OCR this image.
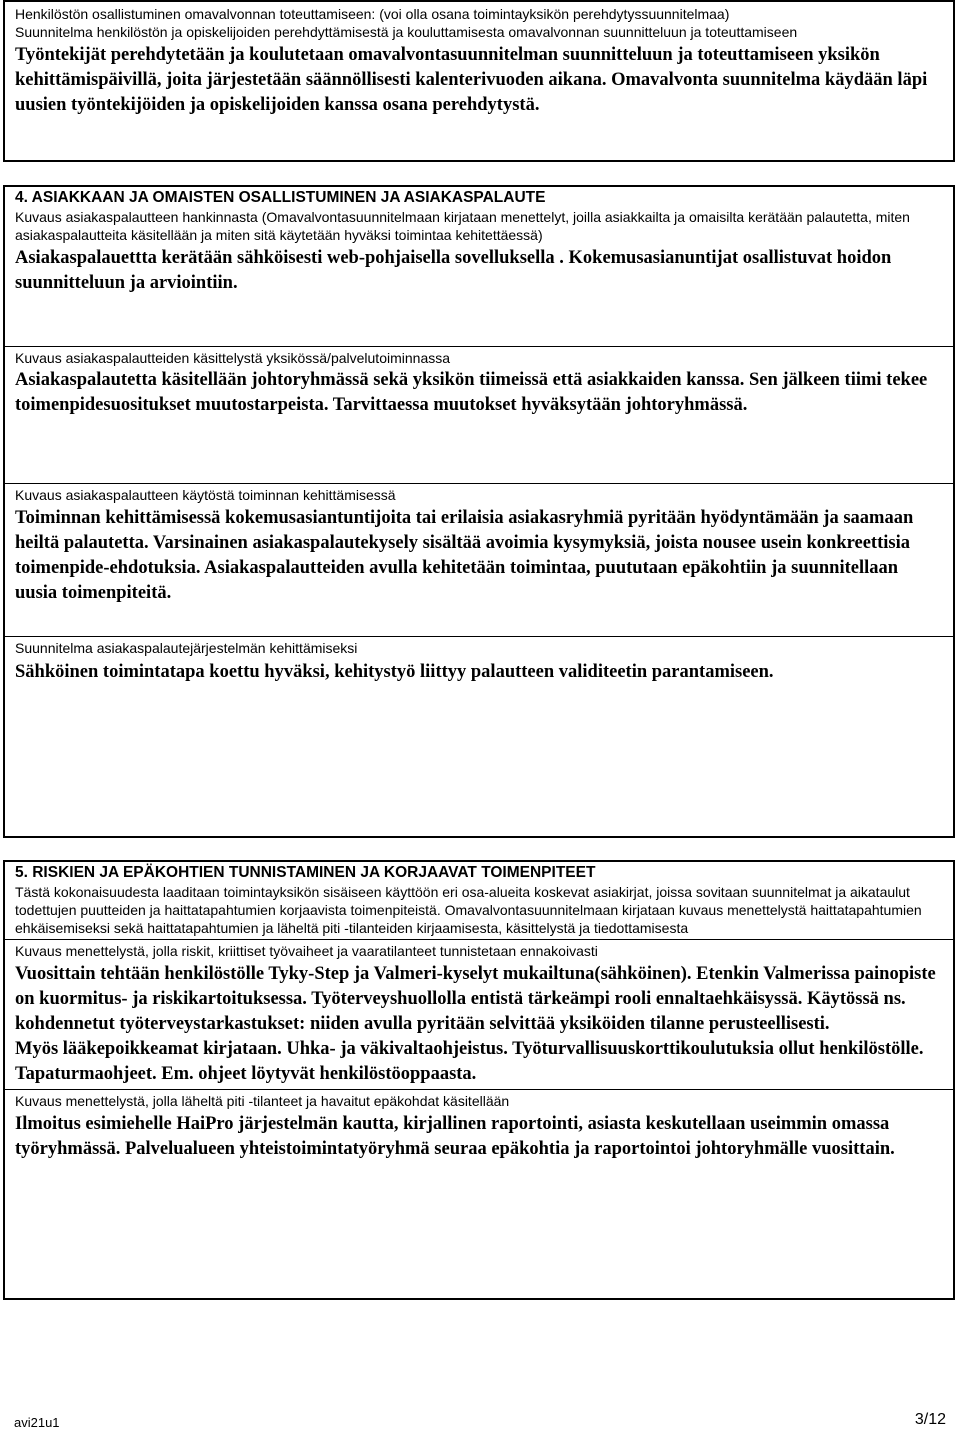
Henkilöstön osallistuminen omavalvonnan toteuttamiseen: (voi olla osana toimintayksikön perehdytyssuunnitelmaa)

Suunnitelma henkilöstön ja opiskelijoiden perehdyttämisestä ja kouluttamisesta omavalvonnan suunnitteluun ja toteuttamiseen

Työntekijät perehdytetään ja koulutetaan omavalvontasuunnitelman suunnitteluun ja toteuttamiseen yksikön kehittämispäivillä, joita järjestetään säännöllisesti kalenterivuoden aikana. Omavalvonta suunnitelma käydään läpi uusien työntekijöiden ja opiskelijoiden kanssa osana perehdytystä.

4. ASIAKKAAN JA OMAISTEN OSALLISTUMINEN JA ASIAKASPALAUTE

Kuvaus asiakaspalautteen hankinnasta (Omavalvontasuunnitelmaan kirjataan menettelyt, joilla asiakkailta ja omaisilta kerätään palautetta, miten asiakaspalautteita käsitellään ja miten sitä käytetään hyväksi toimintaa kehitettäessä)

Asiakaspalauettta kerätään sähköisesti web-pohjaisella sovelluksella . Kokemusasianuntijat osallistuvat hoidon suunnitteluun ja arviointiin.

Kuvaus asiakaspalautteiden käsittelystä yksikössä/palvelutoiminnassa

Asiakaspalautetta käsitellään johtoryhmässä sekä yksikön tiimeissä että asiakkaiden kanssa. Sen jälkeen tiimi tekee toimenpidesuositukset muutostarpeista. Tarvittaessa muutokset hyväksytään johtoryhmässä.

Kuvaus asiakaspalautteen käytöstä toiminnan kehittämisessä

Toiminnan kehittämisessä kokemusasiantuntijoita tai erilaisia asiakasryhmiä pyritään hyödyntämään ja saamaan heiltä palautetta. Varsinainen asiakaspalautekysely sisältää avoimia kysymyksiä, joista nousee usein konkreettisia toimenpide-ehdotuksia. Asiakaspalautteiden avulla kehitetään toimintaa, puututaan epäkohtiin ja suunnitellaan uusia toimenpiteitä.

Suunnitelma asiakaspalautejärjestelmän kehittämiseksi

Sähköinen toimintatapa koettu hyväksi, kehitystyö liittyy palautteen validiteetin parantamiseen.

5. RISKIEN JA EPÄKOHTIEN TUNNISTAMINEN JA KORJAAVAT TOIMENPITEET

Tästä kokonaisuudesta laaditaan toimintayksikön sisäiseen käyttöön eri osa-alueita koskevat asiakirjat, joissa sovitaan suunnitelmat ja aikataulut todettujen puutteiden ja haittatapahtumien korjaavista toimenpiteistä. Omavalvontasuunnitelmaan kirjataan kuvaus menettelystä haittatapahtumien ehkäisemiseksi sekä haittatapahtumien ja läheltä piti -tilanteiden kirjaamisesta, käsittelystä ja tiedottamisesta

Kuvaus menettelystä, jolla riskit, kriittiset työvaiheet ja vaaratilanteet tunnistetaan ennakoivasti

Vuosittain tehtään henkilöstölle Tyky-Step ja Valmeri-kyselyt mukailtuna(sähköinen). Etenkin Valmerissa painopiste on kuormitus- ja riskikartoituksessa. Työterveyshuollolla entistä tärkeämpi rooli ennaltaehkäisyssä. Käytössä ns. kohdennetut työterveystarkastukset: niiden avulla pyritään selvittää yksiköiden tilanne perusteellisesti.

Myös lääkepoikkeamat kirjataan. Uhka- ja väkivaltaohjeistus. Työturvallisuuskorttikoulutuksia ollut henkilöstölle. Tapaturmaohjeet. Em. ohjeet löytyvät henkilöstöoppaasta.

Kuvaus menettelystä, jolla läheltä piti -tilanteet ja havaitut epäkohdat käsitellään

Ilmoitus esimiehelle HaiPro järjestelmän kautta, kirjallinen raportointi, asiasta keskutellaan useimmin omassa työryhmässä. Palvelualueen yhteistoimintatyöryhmä seuraa epäkohtia ja raportointoi johtoryhmälle vuosittain.

avi21u1	3/12
